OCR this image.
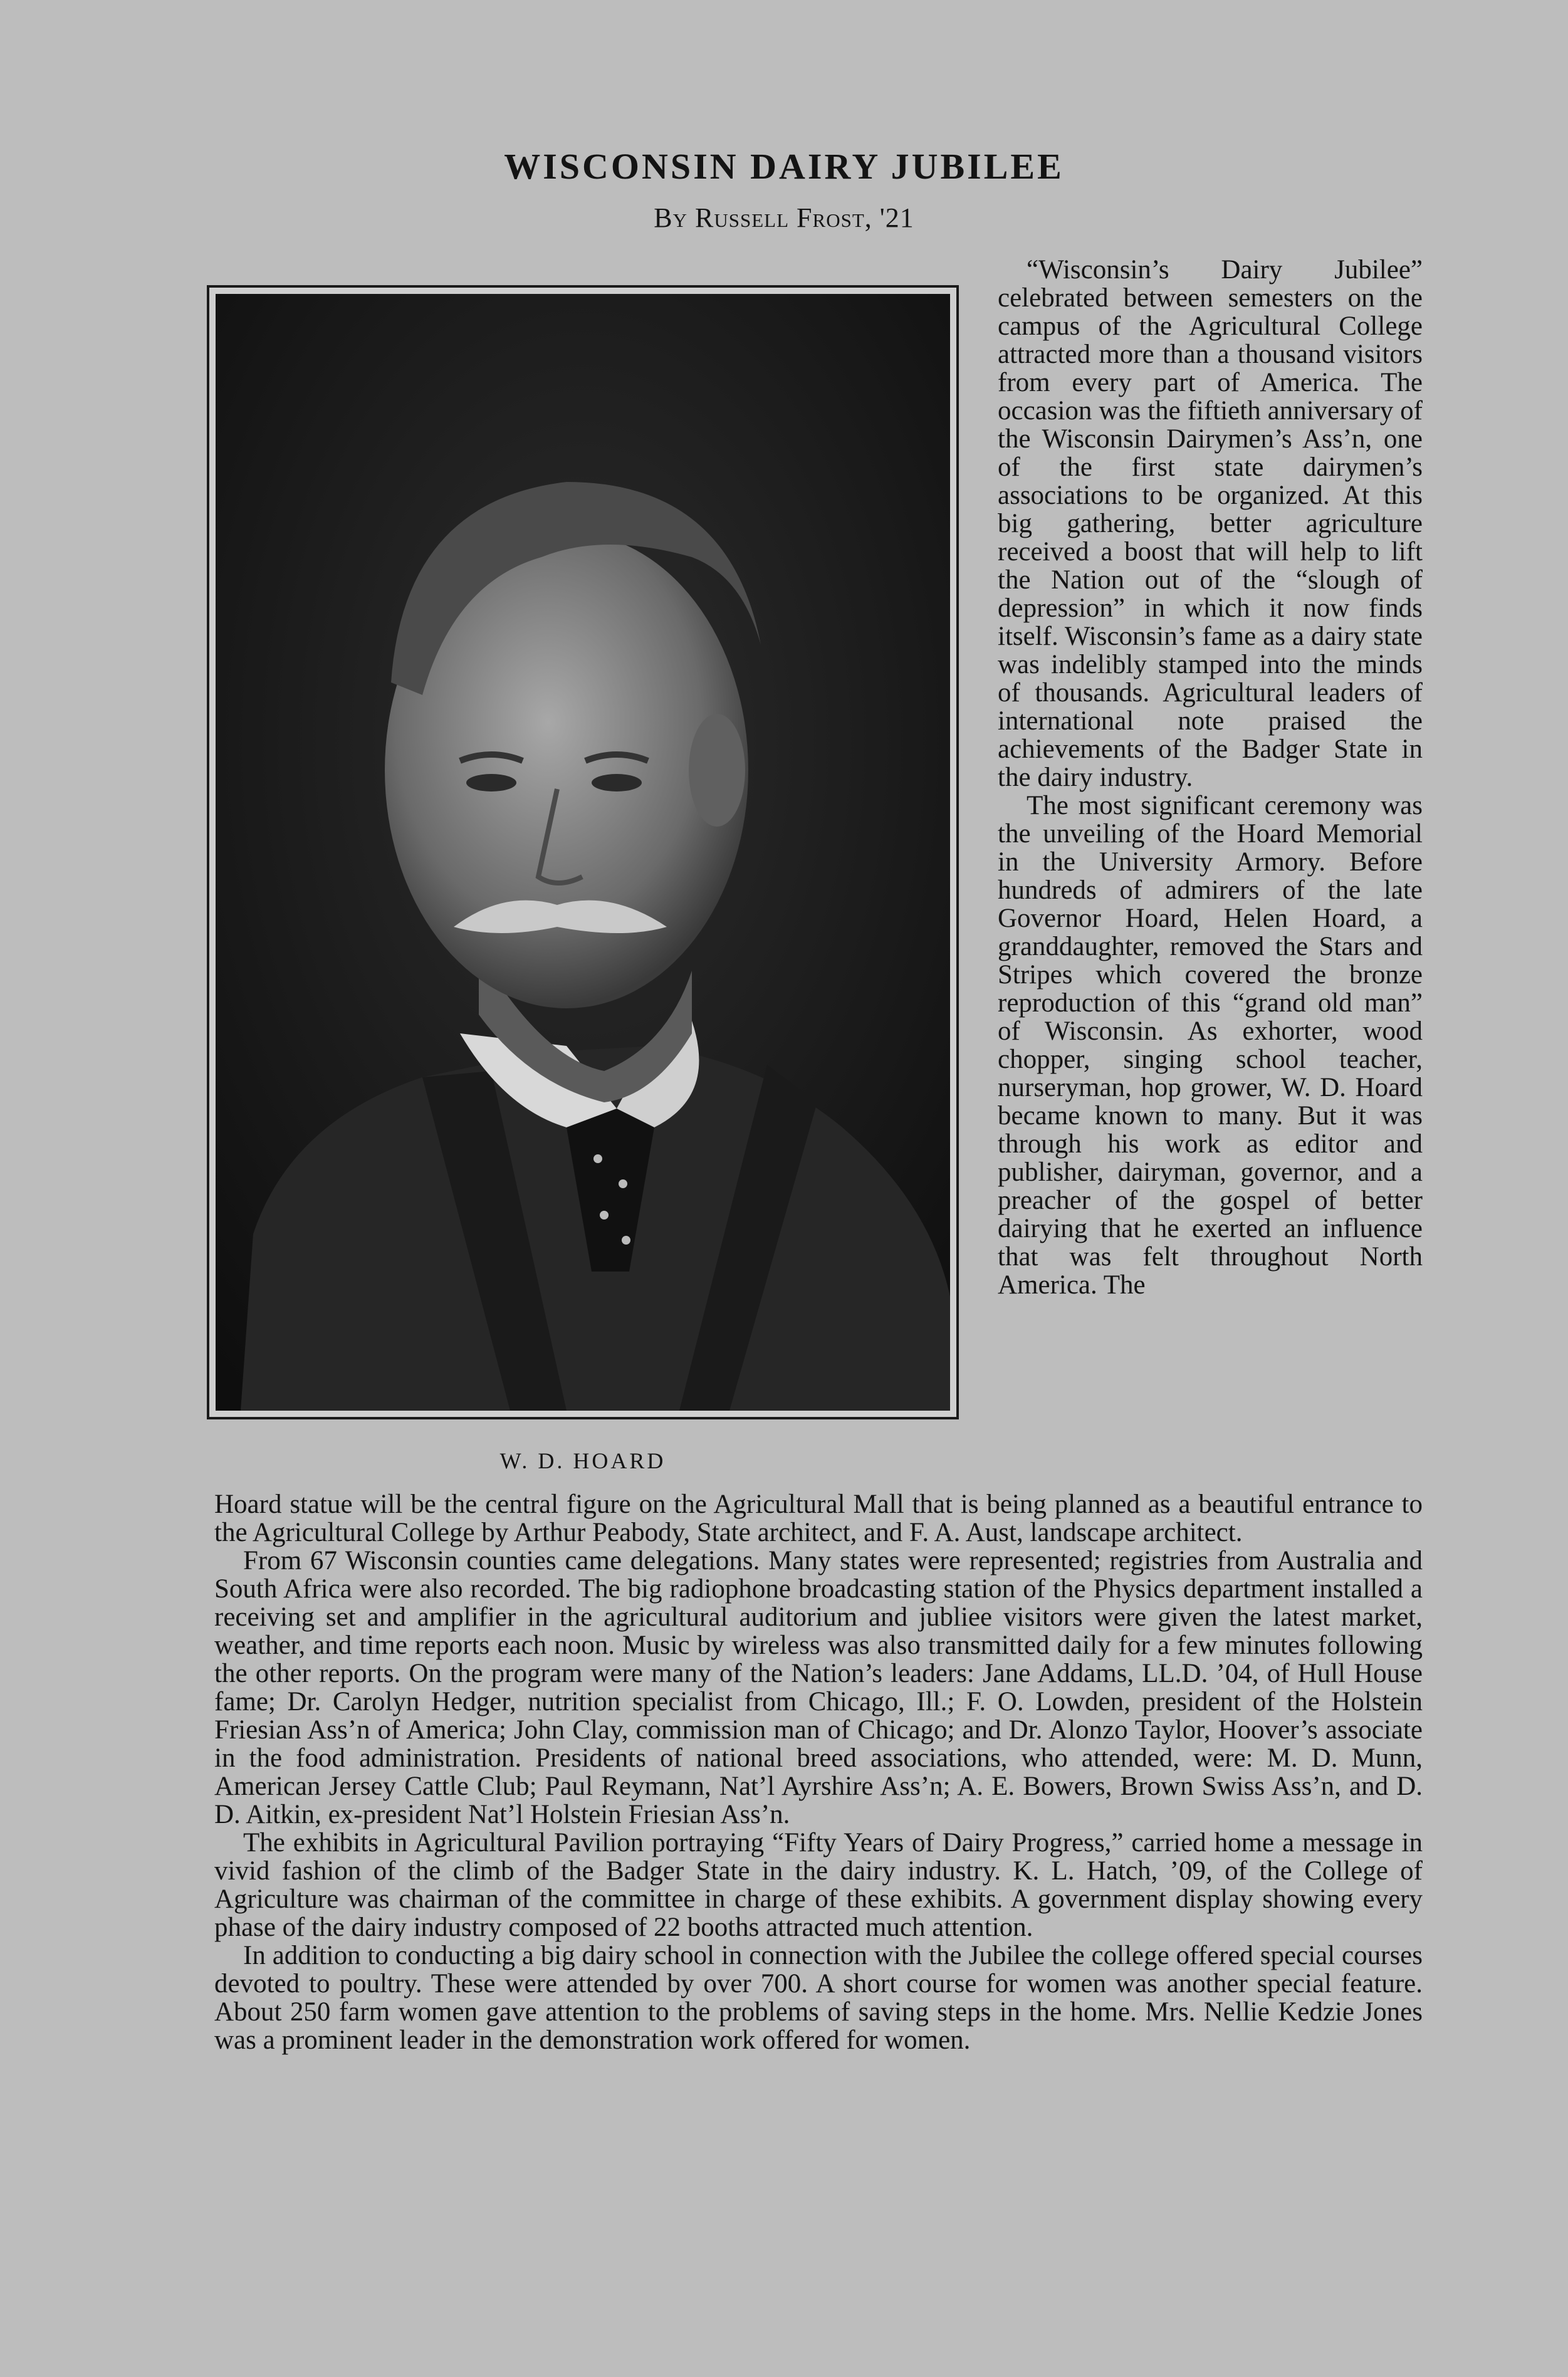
WISCONSIN DAIRY JUBILEE

By Russell Frost, '21

W. D. HOARD

“Wisconsin’s Dairy Jubilee” celebrated between semesters on the campus of the Agricultural College attracted more than a thousand visitors from every part of America. The occasion was the fiftieth anniversary of the Wisconsin Dairymen’s Ass’n, one of the first state dairymen’s associations to be organized. At this big gathering, better agriculture received a boost that will help to lift the Nation out of the “slough of depression” in which it now finds itself. Wisconsin’s fame as a dairy state was indelibly stamped into the minds of thousands. Agricultural leaders of international note praised the achievements of the Badger State in the dairy industry.

The most significant ceremony was the unveiling of the Hoard Memorial in the University Armory. Before hundreds of admirers of the late Governor Hoard, Helen Hoard, a granddaughter, removed the Stars and Stripes which covered the bronze reproduction of this “grand old man” of Wisconsin. As exhorter, wood chopper, singing school teacher, nurseryman, hop grower, W. D. Hoard became known to many. But it was through his work as editor and publisher, dairyman, governor, and a preacher of the gospel of better dairying that he exerted an influence that was felt throughout North America. The

Hoard statue will be the central figure on the Agricultural Mall that is being planned as a beautiful entrance to the Agricultural College by Arthur Peabody, State architect, and F. A. Aust, landscape architect.

From 67 Wisconsin counties came delegations. Many states were represented; registries from Australia and South Africa were also recorded. The big radiophone broadcasting station of the Physics department installed a receiving set and amplifier in the agricultural auditorium and jubliee visitors were given the latest market, weather, and time reports each noon. Music by wireless was also transmitted daily for a few minutes following the other reports. On the program were many of the Nation’s leaders: Jane Addams, LL.D. ’04, of Hull House fame; Dr. Carolyn Hedger, nutrition specialist from Chicago, Ill.; F. O. Lowden, president of the Holstein Friesian Ass’n of America; John Clay, commission man of Chicago; and Dr. Alonzo Taylor, Hoover’s associate in the food administration. Presidents of national breed associations, who attended, were: M. D. Munn, American Jersey Cattle Club; Paul Reymann, Nat’l Ayrshire Ass’n; A. E. Bowers, Brown Swiss Ass’n, and D. D. Aitkin, ex-president Nat’l Holstein Friesian Ass’n.

The exhibits in Agricultural Pavilion portraying “Fifty Years of Dairy Progress,” carried home a message in vivid fashion of the climb of the Badger State in the dairy industry. K. L. Hatch, ’09, of the College of Agriculture was chairman of the committee in charge of these exhibits. A government display showing every phase of the dairy industry composed of 22 booths attracted much attention.

In addition to conducting a big dairy school in connection with the Jubilee the college offered special courses devoted to poultry. These were attended by over 700. A short course for women was another special feature. About 250 farm women gave attention to the problems of saving steps in the home. Mrs. Nellie Kedzie Jones was a prominent leader in the demonstration work offered for women.
